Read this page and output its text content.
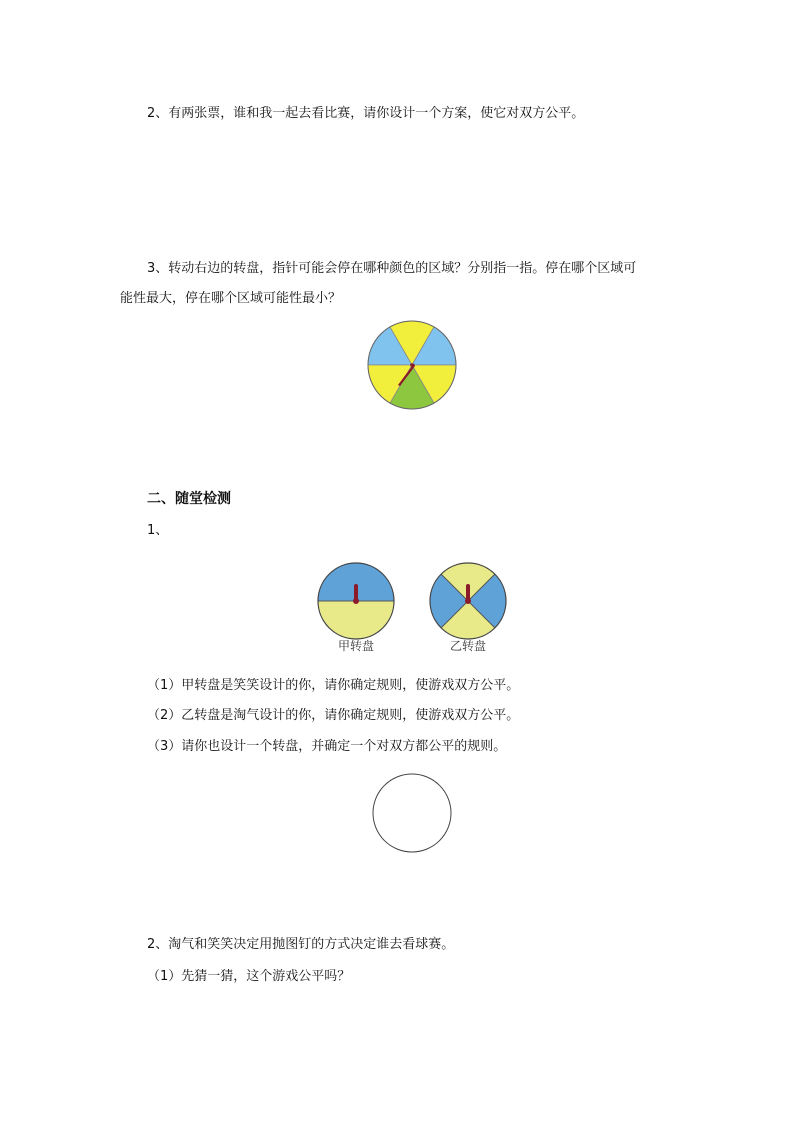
2、有两张票，谁和我一起去看比赛，请你设计一个方案，使它对双方公平。
3、转动右边的转盘，指针可能会停在哪种颜色的区域？分别指一指。停在哪个区域可
能性最大，停在哪个区域可能性最小？
二、随堂检测
1、
甲转盘	乙转盘
（1）甲转盘是笑笑设计的你，请你确定规则，使游戏双方公平。
（2）乙转盘是淘气设计的你，请你确定规则，使游戏双方公平。
（3）请你也设计一个转盘，并确定一个对双方都公平的规则。
2、淘气和笑笑决定用抛图钉的方式决定谁去看球赛。
（1）先猜一猜，这个游戏公平吗？
